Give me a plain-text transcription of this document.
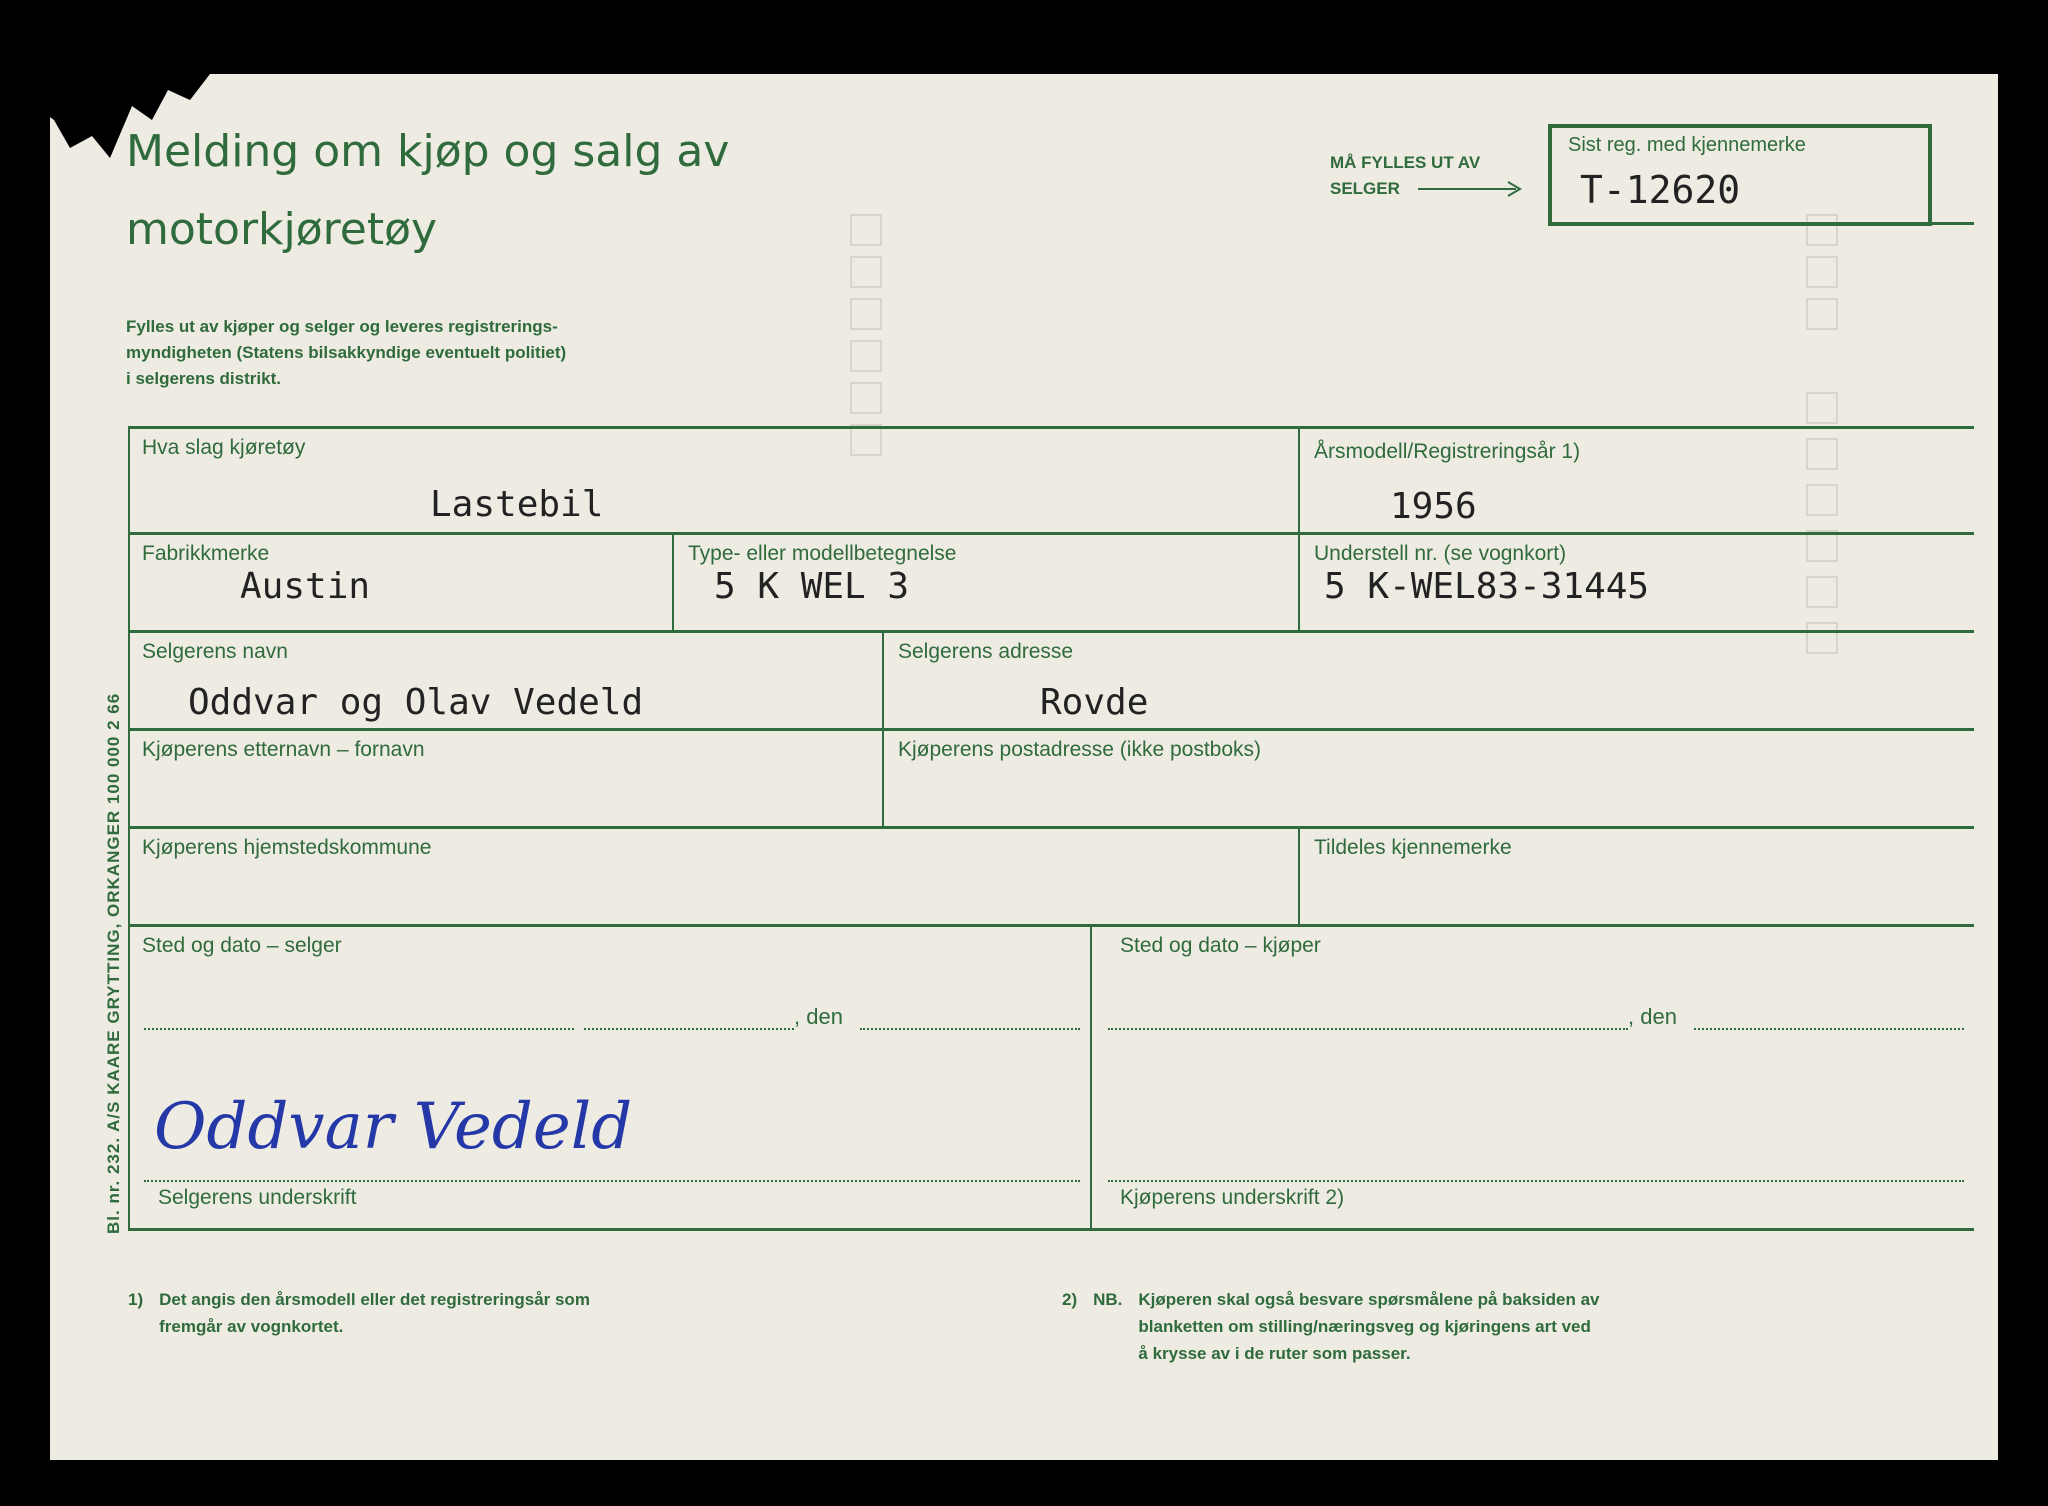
Melding om kjøp og salg av
motorkjøretøy
Fylles ut av kjøper og selger og leveres registrerings-
myndigheten (Statens bilsakkyndige eventuelt politiet)
i selgerens distrikt.
MÅ FYLLES UT AV
SELGER
Sist reg. med kjennemerke
T-12620
Hva slag kjøretøy
Lastebil
Årsmodell/Registreringsår 1)
1956
Fabrikkmerke
Austin
Type- eller modellbetegnelse
5 K WEL 3
Understell nr. (se vognkort)
5 K-WEL83-31445
Selgerens navn
Oddvar og Olav Vedeld
Selgerens adresse
Rovde
Kjøperens etternavn – fornavn	Kjøperens postadresse (ikke postboks)
Kjøperens hjemstedskommune	Tildeles kjennemerke
Sted og dato – selger
, den
Sted og dato – kjøper
, den
Oddvar Vedeld
Selgerens underskrift	Kjøperens underskrift 2)
Bl. nr. 232. A/S KAARE GRYTTING, ORKANGER 100 000 2 66
1) Det angis den årsmodell eller det registreringsår som
fremgår av vognkortet.
2) NB. Kjøperen skal også besvare spørsmålene på baksiden av
blanketten om stilling/næringsveg og kjøringens art ved
å krysse av i de ruter som passer.
